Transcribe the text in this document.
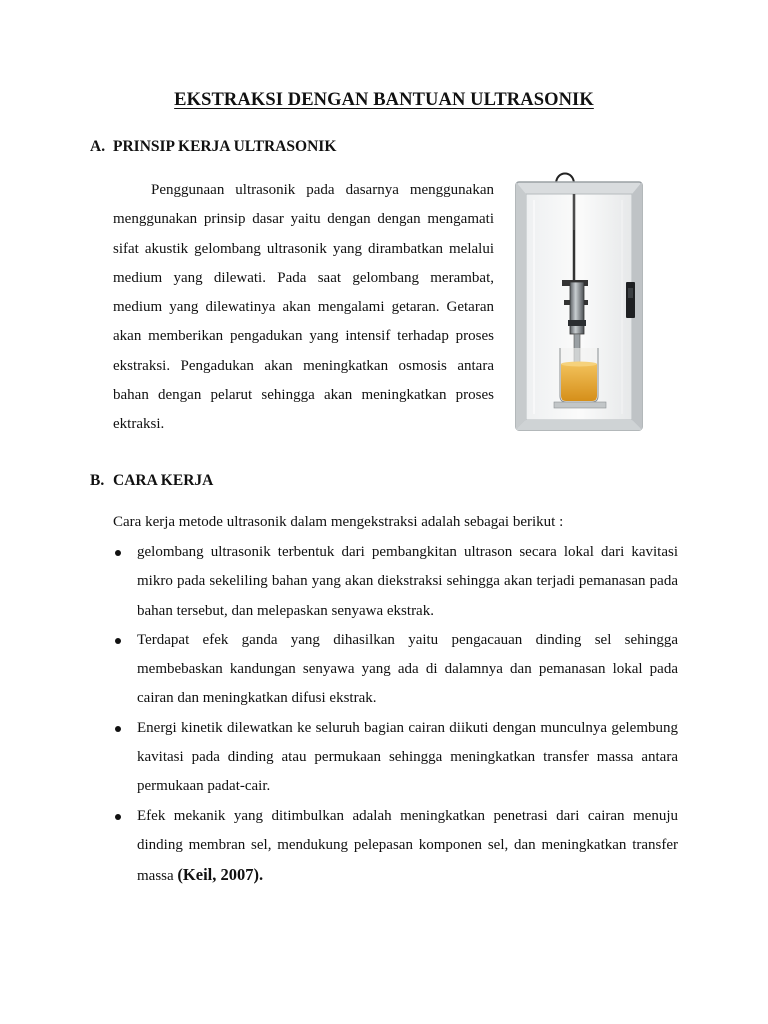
EKSTRAKSI DENGAN BANTUAN ULTRASONIK
A. PRINSIP KERJA ULTRASONIK

Penggunaan ultrasonik pada dasarnya menggunakan menggunakan prinsip dasar yaitu dengan dengan mengamati sifat akustik gelombang ultrasonik yang dirambatkan melalui medium yang dilewati. Pada saat gelombang merambat, medium yang dilewatinya akan mengalami getaran. Getaran akan memberikan pengadukan yang intensif terhadap proses ekstraksi. Pengadukan akan meningkatkan osmosis antara bahan dengan pelarut sehingga akan meningkatkan proses ektraksi.

B. CARA KERJA

Cara kerja metode ultrasonik dalam mengekstraksi adalah sebagai berikut :

gelombang ultrasonik terbentuk dari pembangkitan ultrason secara lokal dari kavitasi mikro pada sekeliling bahan yang akan diekstraksi sehingga akan terjadi pemanasan pada bahan tersebut, dan melepaskan senyawa ekstrak.
Terdapat efek ganda yang dihasilkan yaitu pengacauan dinding sel sehingga membebaskan kandungan senyawa yang ada di dalamnya dan pemanasan lokal pada cairan dan meningkatkan difusi ekstrak.
Energi kinetik dilewatkan ke seluruh bagian cairan diikuti dengan munculnya gelembung kavitasi pada dinding atau permukaan sehingga meningkatkan transfer massa antara permukaan padat-cair.
Efek mekanik yang ditimbulkan adalah meningkatkan penetrasi dari cairan menuju dinding membran sel, mendukung pelepasan komponen sel, dan meningkatkan transfer massa (Keil, 2007).
